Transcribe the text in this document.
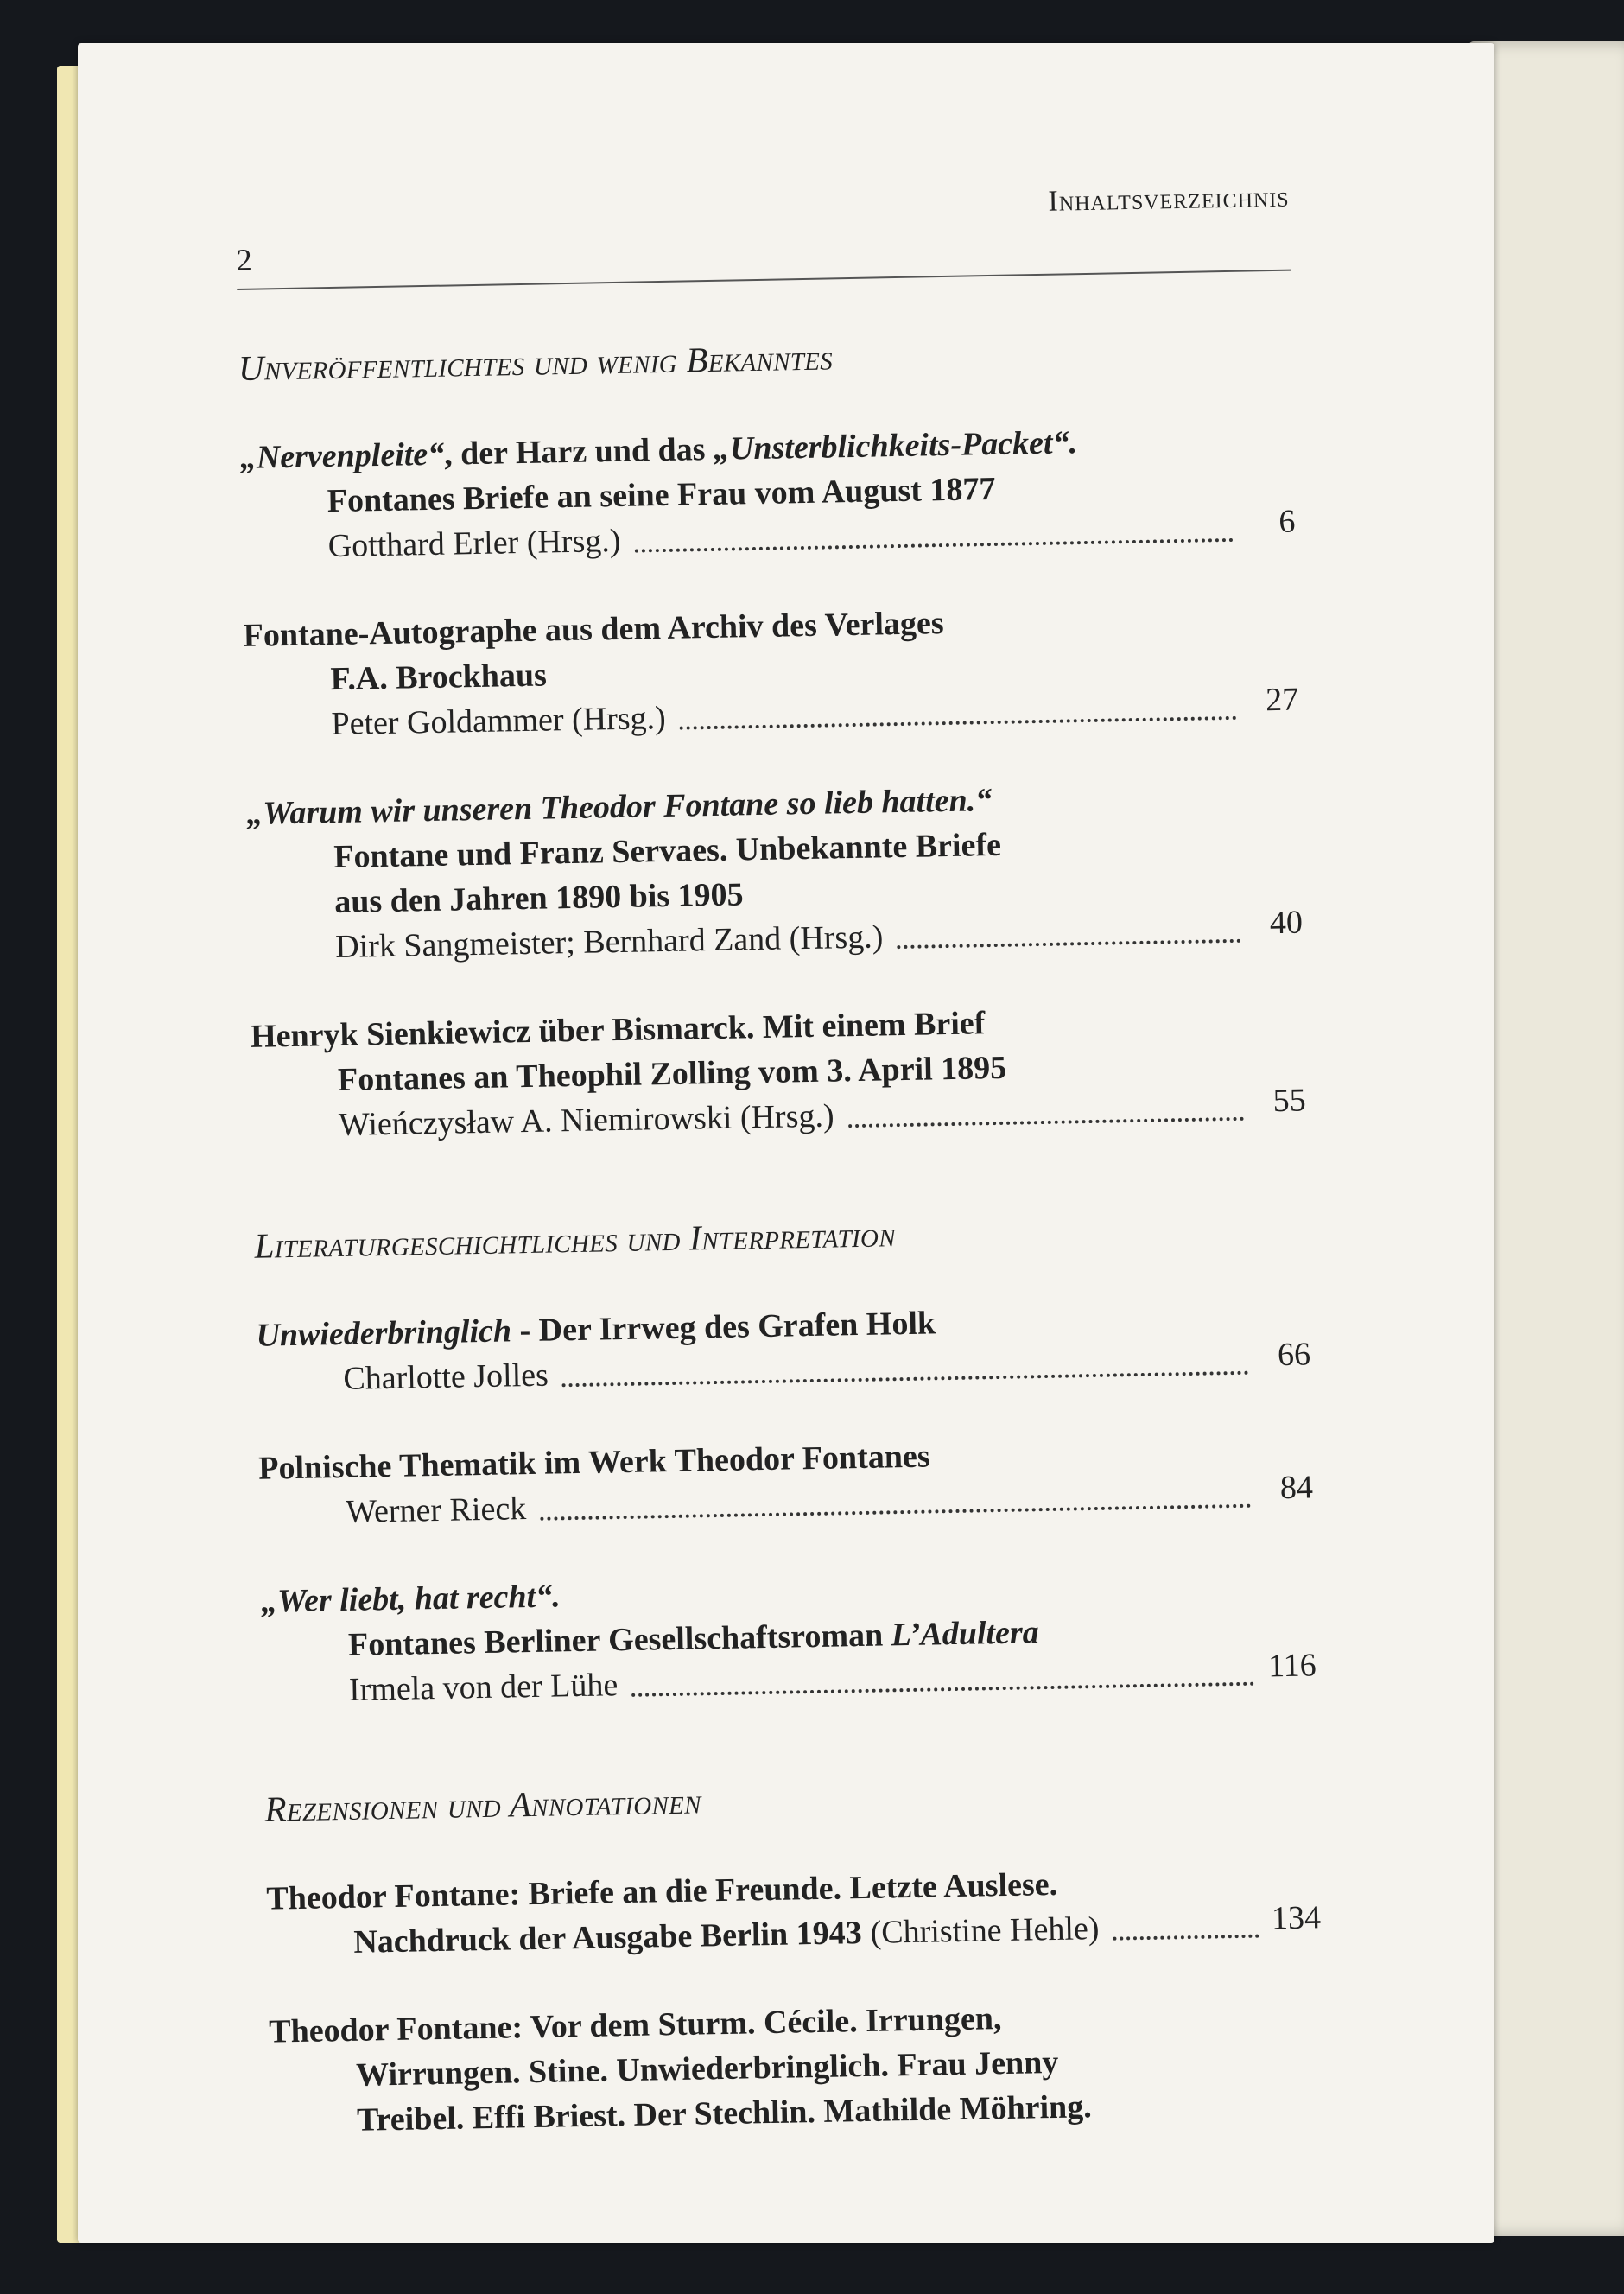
2
Inhaltsverzeichnis
Unveröffentlichtes und wenig Bekanntes
„Nervenpleite“, der Harz und das „Unsterblichkeits-Packet“.
Fontanes Briefe an seine Frau vom August 1877
Gotthard Erler (Hrsg.)
6
Fontane-Autographe aus dem Archiv des Verlages
F.A. Brockhaus
Peter Goldammer (Hrsg.)
27
„Warum wir unseren Theodor Fontane so lieb hatten.“
Fontane und Franz Servaes. Unbekannte Briefe
aus den Jahren 1890 bis 1905
Dirk Sangmeister; Bernhard Zand (Hrsg.)	40
Henryk Sienkiewicz über Bismarck. Mit einem Brief
Fontanes an Theophil Zolling vom 3. April 1895
Wieńczysław A. Niemirowski (Hrsg.)	55
Literaturgeschichtliches und Interpretation
Unwiederbringlich - Der Irrweg des Grafen Holk
Charlotte Jolles
66
Polnische Thematik im Werk Theodor Fontanes
Werner Rieck
84
„Wer liebt, hat recht“.
Fontanes Berliner Gesellschaftsroman L’Adultera
Irmela von der Lühe
116
Rezensionen und Annotationen
Theodor Fontane: Briefe an die Freunde. Letzte Auslese.
Nachdruck der Ausgabe Berlin 1943 (Christine Hehle)	134
Theodor Fontane: Vor dem Sturm. Cécile. Irrungen,
Wirrungen. Stine. Unwiederbringlich. Frau Jenny
Treibel. Effi Briest. Der Stechlin. Mathilde Möhring.
